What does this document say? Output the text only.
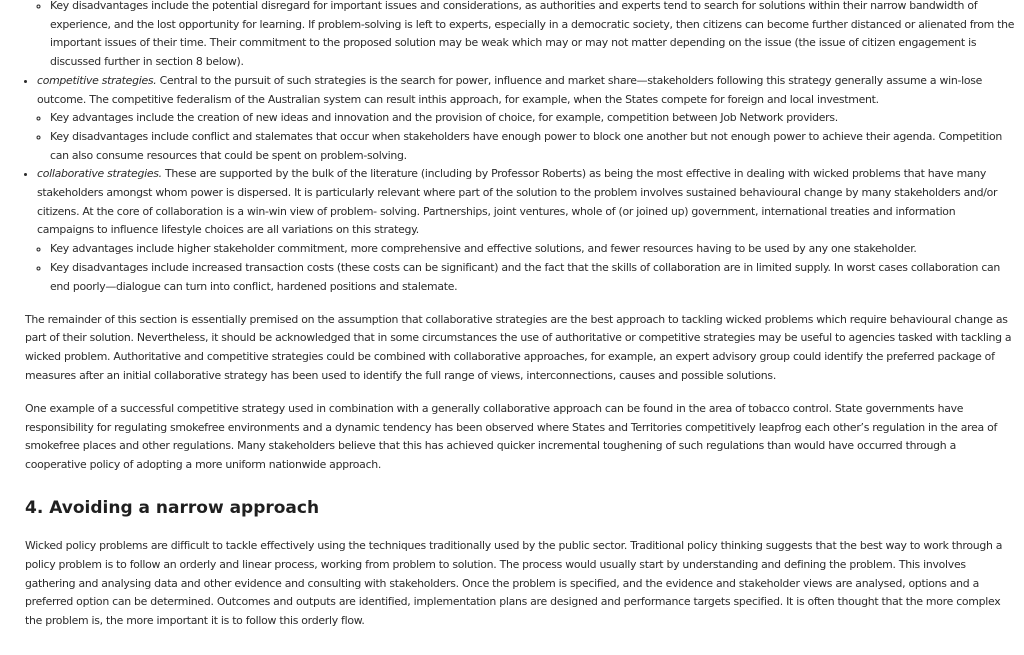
◦ Key disadvantages include the potential disregard for important issues and considerations, as authorities and experts tend to search for solutions within their narrow bandwidth of experience, and the lost opportunity for learning. If problem-solving is left to experts, especially in a democratic society, then citizens can become further distanced or alienated from the important issues of their time. Their commitment to the proposed solution may be weak which may or may not matter depending on the issue (the issue of citizen engagement is discussed further in section 8 below).
• competitive strategies. Central to the pursuit of such strategies is the search for power, influence and market share—stakeholders following this strategy generally assume a win-lose outcome. The competitive federalism of the Australian system can result inthis approach, for example, when the States compete for foreign and local investment.
◦ Key advantages include the creation of new ideas and innovation and the provision of choice, for example, competition between Job Network providers.
◦ Key disadvantages include conflict and stalemates that occur when stakeholders have enough power to block one another but not enough power to achieve their agenda. Competition can also consume resources that could be spent on problem-solving.
• collaborative strategies. These are supported by the bulk of the literature (including by Professor Roberts) as being the most effective in dealing with wicked problems that have many stakeholders amongst whom power is dispersed. It is particularly relevant where part of the solution to the problem involves sustained behavioural change by many stakeholders and/or citizens. At the core of collaboration is a win-win view of problem- solving. Partnerships, joint ventures, whole of (or joined up) government, international treaties and information campaigns to influence lifestyle choices are all variations on this strategy.
◦ Key advantages include higher stakeholder commitment, more comprehensive and effective solutions, and fewer resources having to be used by any one stakeholder.
◦ Key disadvantages include increased transaction costs (these costs can be significant) and the fact that the skills of collaboration are in limited supply. In worst cases collaboration can end poorly—dialogue can turn into conflict, hardened positions and stalemate.

The remainder of this section is essentially premised on the assumption that collaborative strategies are the best approach to tackling wicked problems which require behavioural change as part of their solution. Nevertheless, it should be acknowledged that in some circumstances the use of authoritative or competitive strategies may be useful to agencies tasked with tackling a wicked problem. Authoritative and competitive strategies could be combined with collaborative approaches, for example, an expert advisory group could identify the preferred package of measures after an initial collaborative strategy has been used to identify the full range of views, interconnections, causes and possible solutions.

One example of a successful competitive strategy used in combination with a generally collaborative approach can be found in the area of tobacco control. State governments have responsibility for regulating smokefree environments and a dynamic tendency has been observed where States and Territories competitively leapfrog each other’s regulation in the area of smokefree places and other regulations. Many stakeholders believe that this has achieved quicker incremental toughening of such regulations than would have occurred through a cooperative policy of adopting a more uniform nationwide approach.

4. Avoiding a narrow approach

Wicked policy problems are difficult to tackle effectively using the techniques traditionally used by the public sector. Traditional policy thinking suggests that the best way to work through a policy problem is to follow an orderly and linear process, working from problem to solution. The process would usually start by understanding and defining the problem. This involves gathering and analysing data and other evidence and consulting with stakeholders. Once the problem is specified, and the evidence and stakeholder views are analysed, options and a preferred option can be determined. Outcomes and outputs are identified, implementation plans are designed and performance targets specified. It is often thought that the more complex the problem is, the more important it is to follow this orderly flow.
